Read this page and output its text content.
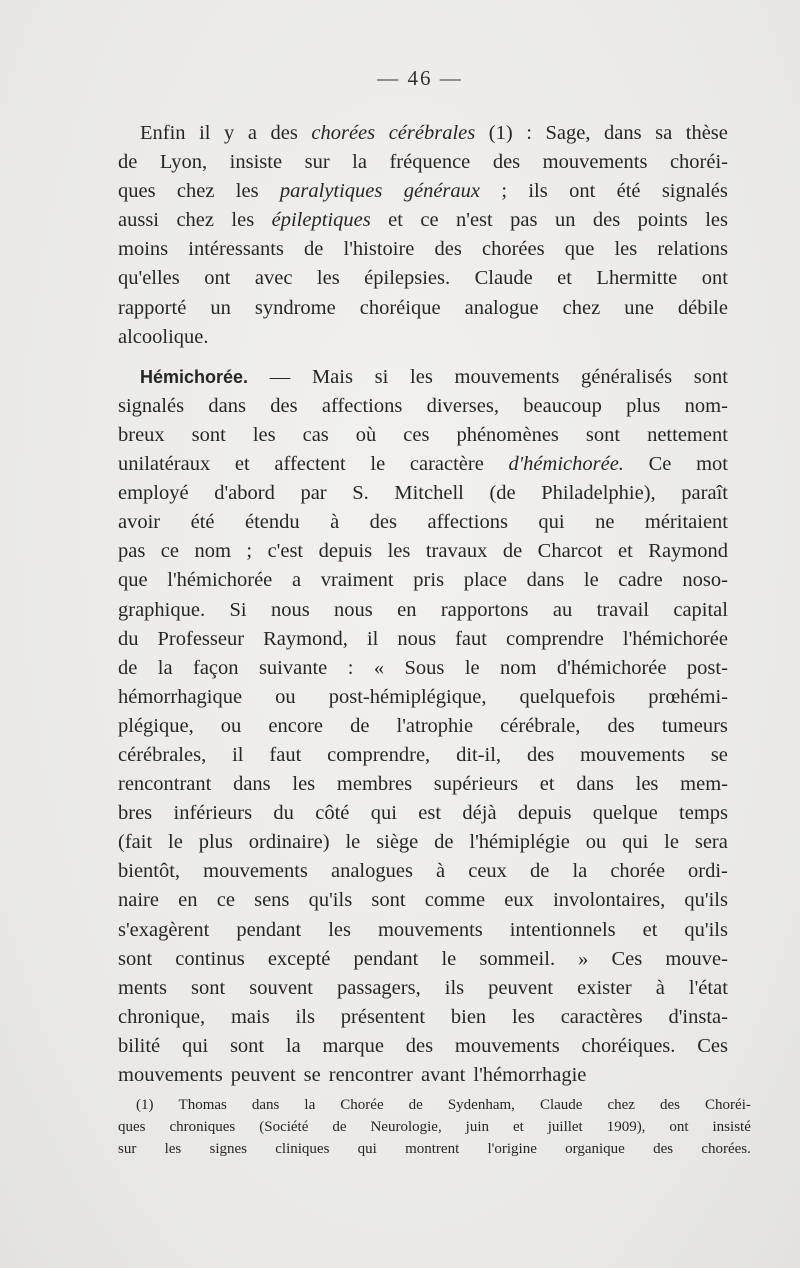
— 46 —
Enfin il y a des chorées cérébrales (1) : Sage, dans sa thèse
de Lyon, insiste sur la fréquence des mouvements choréi-
ques chez les paralytiques généraux ; ils ont été signalés
aussi chez les épileptiques et ce n'est pas un des points les
moins intéressants de l'histoire des chorées que les relations
qu'elles ont avec les épilepsies. Claude et Lhermitte ont
rapporté un syndrome choréique analogue chez une débile
alcoolique.
Hémichorée. — Mais si les mouvements généralisés sont
signalés dans des affections diverses, beaucoup plus nom-
breux sont les cas où ces phénomènes sont nettement
unilatéraux et affectent le caractère d'hémichorée. Ce mot
employé d'abord par S. Mitchell (de Philadelphie), paraît
avoir été étendu à des affections qui ne méritaient
pas ce nom ; c'est depuis les travaux de Charcot et Raymond
que l'hémichorée a vraiment pris place dans le cadre noso-
graphique. Si nous nous en rapportons au travail capital
du Professeur Raymond, il nous faut comprendre l'hémichorée
de la façon suivante : « Sous le nom d'hémichorée post-
hémorrhagique ou post-hémiplégique, quelquefois prœhémi-
plégique, ou encore de l'atrophie cérébrale, des tumeurs
cérébrales, il faut comprendre, dit-il, des mouvements se
rencontrant dans les membres supérieurs et dans les mem-
bres inférieurs du côté qui est déjà depuis quelque temps
(fait le plus ordinaire) le siège de l'hémiplégie ou qui le sera
bientôt, mouvements analogues à ceux de la chorée ordi-
naire en ce sens qu'ils sont comme eux involontaires, qu'ils
s'exagèrent pendant les mouvements intentionnels et qu'ils
sont continus excepté pendant le sommeil. » Ces mouve-
ments sont souvent passagers, ils peuvent exister à l'état
chronique, mais ils présentent bien les caractères d'insta-
bilité qui sont la marque des mouvements choréiques. Ces
mouvements peuvent se rencontrer avant l'hémorrhagie
(1) Thomas dans la Chorée de Sydenham, Claude chez des Choréi-
ques chroniques (Société de Neurologie, juin et juillet 1909), ont insisté
sur les signes cliniques qui montrent l'origine organique des chorées.
